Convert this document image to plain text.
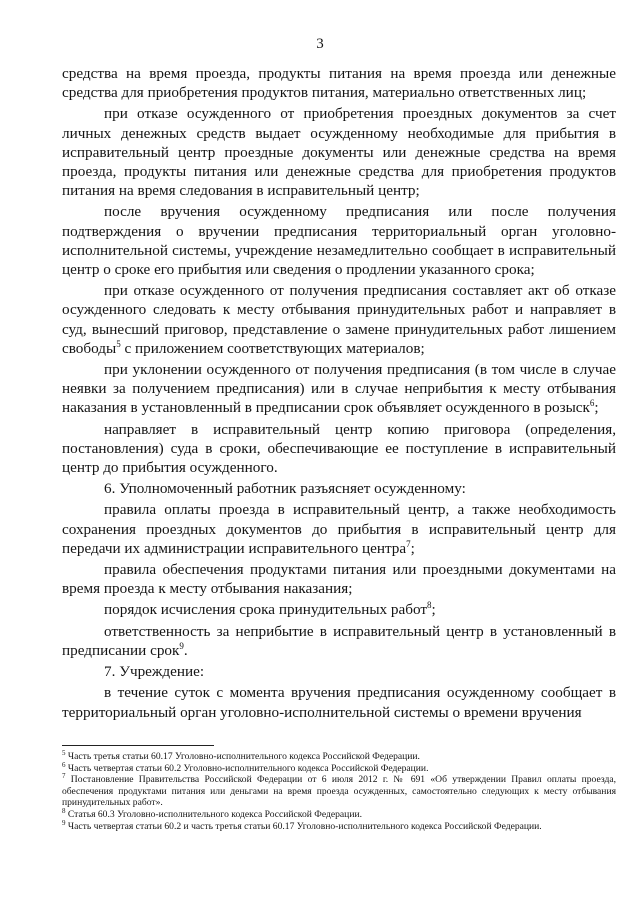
3

средства на время проезда, продукты питания на время проезда или денежные средства для приобретения продуктов питания, материально ответственных лиц;

при отказе осужденного от приобретения проездных документов за счет личных денежных средств выдает осужденному необходимые для прибытия в исправительный центр проездные документы или денежные средства на время проезда, продукты питания или денежные средства для приобретения продуктов питания на время следования в исправительный центр;

после вручения осужденному предписания или после получения подтверждения о вручении предписания территориальный орган уголовно-исполнительной системы, учреждение незамедлительно сообщает в исправительный центр о сроке его прибытия или сведения о продлении указанного срока;

при отказе осужденного от получения предписания составляет акт об отказе осужденного следовать к месту отбывания принудительных работ и направляет в суд, вынесший приговор, представление о замене принудительных работ лишением свободы$^5$ с приложением соответствующих материалов;

при уклонении осужденного от получения предписания (в том числе в случае неявки за получением предписания) или в случае неприбытия к месту отбывания наказания в установленный в предписании срок объявляет осужденного в розыск$^6$;

направляет в исправительный центр копию приговора (определения, постановления) суда в сроки, обеспечивающие ее поступление в исправительный центр до прибытия осужденного.

6. Уполномоченный работник разъясняет осужденному:

правила оплаты проезда в исправительный центр, а также необходимость сохранения проездных документов до прибытия в исправительный центр для передачи их администрации исправительного центра$^7$;

правила обеспечения продуктами питания или проездными документами на время проезда к месту отбывания наказания;

порядок исчисления срока принудительных работ$^8$;

ответственность за неприбытие в исправительный центр в установленный в предписании срок$^9$.

7. Учреждение:

в течение суток с момента вручения предписания осужденному сообщает в территориальный орган уголовно-исполнительной системы о времени вручения

$^5$ Часть третья статьи 60.17 Уголовно-исполнительного кодекса Российской Федерации.

$^6$ Часть четвертая статьи 60.2 Уголовно-исполнительного кодекса Российской Федерации.

$^7$ Постановление Правительства Российской Федерации от 6 июля 2012 г. № 691 «Об утверждении Правил оплаты проезда, обеспечения продуктами питания или деньгами на время проезда осужденных, самостоятельно следующих к месту отбывания принудительных работ».

$^8$ Статья 60.3 Уголовно-исполнительного кодекса Российской Федерации.

$^9$ Часть четвертая статьи 60.2 и часть третья статьи 60.17 Уголовно-исполнительного кодекса Российской Федерации.
